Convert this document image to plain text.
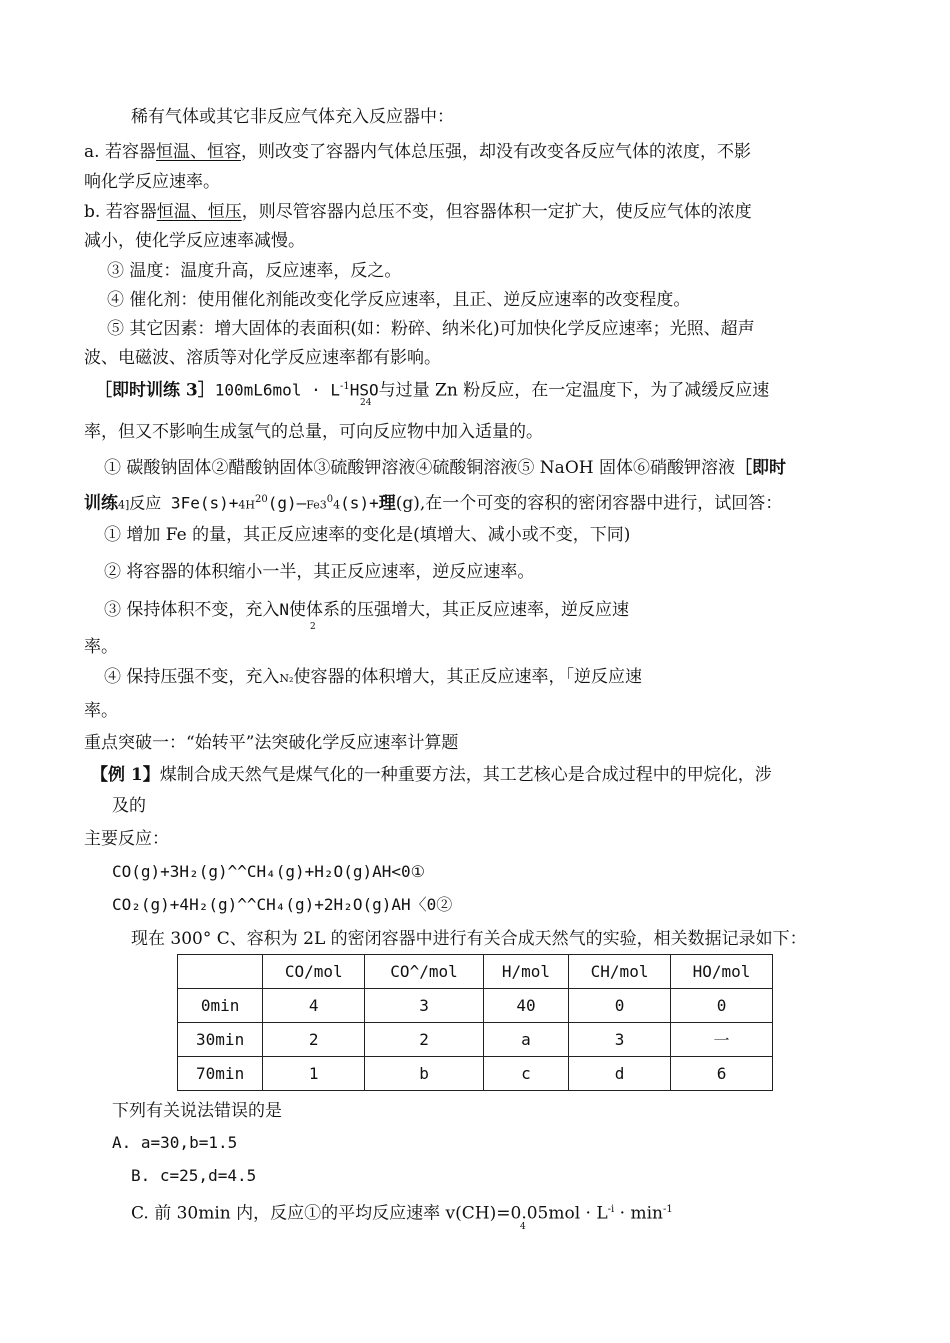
稀有气体或其它非反应气体充入反应器中：
a. 若容器恒温、恒容，则改变了容器内气体总压强，却没有改变各反应气体的浓度，不影
响化学反应速率。
b. 若容器恒温、恒压，则尽管容器内总压不变，但容器体积一定扩大，使反应气体的浓度
减小，使化学反应速率减慢。
③ 温度：温度升高，反应速率，反之。
④ 催化剂：使用催化剂能改变化学反应速率，且正、逆反应速率的改变程度。
⑤ 其它因素：增大固体的表面积(如：粉碎、纳米化)可加快化学反应速率；光照、超声
波、电磁波、溶质等对化学反应速率都有影响。
［即时训练 3］100mL6mol · $L^{-1}HSO$与过量 Zn 粉反应，在一定温度下，为了减缓反应速
24
率，但又不影响生成氢气的总量，可向反应物中加入适量的。
① 碳酸钠固体②醋酸钠固体③硫酸钾溶液④硫酸铜溶液⑤ NaOH 固体⑥硝酸钾溶液［即时
训练4]反应 $3Fe(s)+4H^{20}(g)—Fe3^04(s)+$理(g),在一个可变的容积的密闭容器中进行，试回答：
① 增加 Fe 的量，其正反应速率的变化是(填增大、减小或不变，下同)
② 将容器的体积缩小一半，其正反应速率，逆反应速率。
③ 保持体积不变，充入N使体系的压强增大，其正反应速率，逆反应速
2
率。
④ 保持压强不变，充入N₂使容器的体积增大，其正反应速率，「逆反应速
率。
重点突破一：“始转平”法突破化学反应速率计算题
【例 1】煤制合成天然气是煤气化的一种重要方法，其工艺核心是合成过程中的甲烷化，涉
及的
主要反应：
CO(g)+3H₂(g)^^CH₄(g)+H₂O(g)AH<0①
CO₂(g)+4H₂(g)^^CH₄(g)+2H₂O(g)AH〈0②
现在 300° C、容积为 2L 的密闭容器中进行有关合成天然气的实验，相关数据记录如下：
	CO/mol	CO^/mol	H/mol	CH/mol	HO/mol
0min	4	3	40	0	0
30min	2	2	a	3	一
70min	1	b	c	d	6
下列有关说法错误的是
A. a=30,b=1.5
B. c=25,d=4.5
C. 前 30min 内，反应①的平均反应速率 $v(CH)=0.05mol \cdot L^{-i} \cdot \min^{-1}$
4
